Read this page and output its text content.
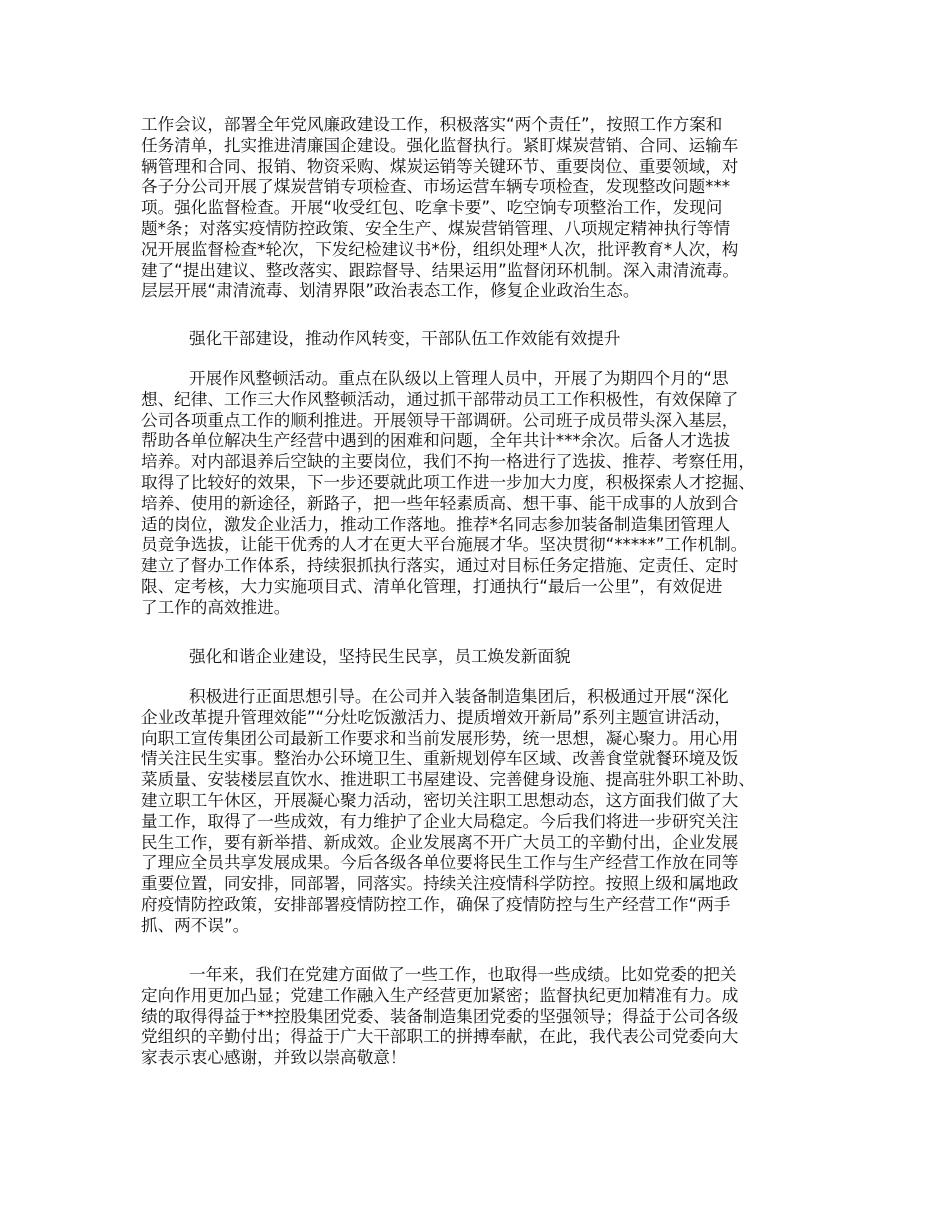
工作会议，部署全年党风廉政建设工作，积极落实“两个责任”，按照工作方案和
任务清单，扎实推进清廉国企建设。强化监督执行。紧盯煤炭营销、合同、运输车
辆管理和合同、报销、物资采购、煤炭运销等关键环节、重要岗位、重要领域，对
各子分公司开展了煤炭营销专项检查、市场运营车辆专项检查，发现整改问题***
项。强化监督检查。开展“收受红包、吃拿卡要”、吃空饷专项整治工作，发现问
题*条；对落实疫情防控政策、安全生产、煤炭营销管理、八项规定精神执行等情
况开展监督检查*轮次，下发纪检建议书*份，组织处理*人次，批评教育*人次，构
建了“提出建议、整改落实、跟踪督导、结果运用”监督闭环机制。深入肃清流毒。
层层开展“肃清流毒、划清界限”政治表态工作，修复企业政治生态。
强化干部建设，推动作风转变，干部队伍工作效能有效提升
开展作风整顿活动。重点在队级以上管理人员中，开展了为期四个月的“思
想、纪律、工作三大作风整顿活动，通过抓干部带动员工工作积极性，有效保障了
公司各项重点工作的顺利推进。开展领导干部调研。公司班子成员带头深入基层，
帮助各单位解决生产经营中遇到的困难和问题，全年共计***余次。后备人才选拔
培养。对内部退养后空缺的主要岗位，我们不拘一格进行了选拔、推荐、考察任用，
取得了比较好的效果，下一步还要就此项工作进一步加大力度，积极探索人才挖掘、
培养、使用的新途径，新路子，把一些年轻素质高、想干事、能干成事的人放到合
适的岗位，激发企业活力，推动工作落地。推荐*名同志参加装备制造集团管理人
员竞争选拔，让能干优秀的人才在更大平台施展才华。坚决贯彻“*****”工作机制。
建立了督办工作体系，持续狠抓执行落实，通过对目标任务定措施、定责任、定时
限、定考核，大力实施项目式、清单化管理，打通执行“最后一公里”，有效促进
了工作的高效推进。
强化和谐企业建设，坚持民生民享，员工焕发新面貌
积极进行正面思想引导。在公司并入装备制造集团后，积极通过开展“深化
企业改革提升管理效能”“分灶吃饭激活力、提质增效开新局”系列主题宣讲活动，
向职工宣传集团公司最新工作要求和当前发展形势，统一思想，凝心聚力。用心用
情关注民生实事。整治办公环境卫生、重新规划停车区域、改善食堂就餐环境及饭
菜质量、安装楼层直饮水、推进职工书屋建设、完善健身设施、提高驻外职工补助、
建立职工午休区，开展凝心聚力活动，密切关注职工思想动态，这方面我们做了大
量工作，取得了一些成效，有力维护了企业大局稳定。今后我们将进一步研究关注
民生工作，要有新举措、新成效。企业发展离不开广大员工的辛勤付出，企业发展
了理应全员共享发展成果。今后各级各单位要将民生工作与生产经营工作放在同等
重要位置，同安排，同部署，同落实。持续关注疫情科学防控。按照上级和属地政
府疫情防控政策，安排部署疫情防控工作，确保了疫情防控与生产经营工作“两手
抓、两不误”。
一年来，我们在党建方面做了一些工作，也取得一些成绩。比如党委的把关
定向作用更加凸显；党建工作融入生产经营更加紧密；监督执纪更加精准有力。成
绩的取得得益于**控股集团党委、装备制造集团党委的坚强领导；得益于公司各级
党组织的辛勤付出；得益于广大干部职工的拼搏奉献，在此，我代表公司党委向大
家表示衷心感谢，并致以崇高敬意！
